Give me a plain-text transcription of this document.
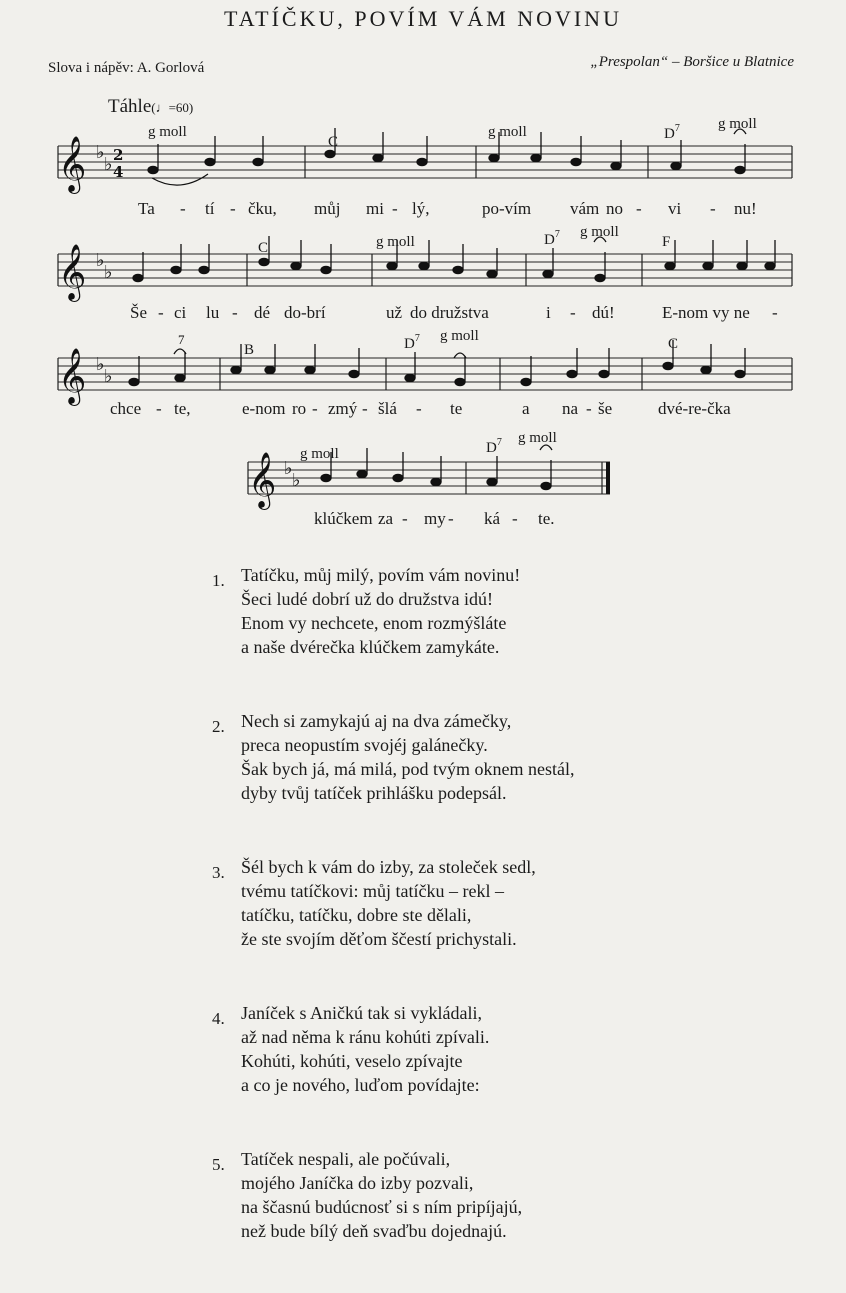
TATÍČKU, POVÍM VÁM NOVINU
Slova i nápěv: A. Gorlová	„Prespolan“ – Boršice u Blatnice
Táhle(♩=60)
𝄞 ♭
♭ 2
4
g moll
C
g moll	$D^7$	g moll
Ta - tí - čku, můj mi - lý,	po-vím vám no - vi - nu!
𝄞 ♭
♭
C	g moll	$D^7$ g moll
F
Še - ci lu - dé do-brí	už do družstva	i - dú!	E-nom vy ne -
𝄞 ♭
♭
7
B	$D^7$ g moll	C
chce - te,	e-nom ro - zmý - šlá - te	a na - še	dvé-re-čka
𝄞 ♭
♭
g moll	$D^7$ g moll
klúčkem za - my - ká - te.
1. Tatíčku, můj milý, povím vám novinu!
Šeci ludé dobrí už do družstva idú!
Enom vy nechcete, enom rozmýšláte
a naše dvérečka klúčkem zamykáte.
2. Nech si zamykajú aj na dva zámečky,
preca neopustím svojéj galánečky.
Šak bych já, má milá, pod tvým oknem nestál,
dyby tvůj tatíček prihlášku podepsál.
3. Šél bych k vám do izby, za stoleček sedl,
tvému tatíčkovi: můj tatíčku – rekl –
tatíčku, tatíčku, dobre ste dělali,
že ste svojím děťom ščestí prichystali.
4. Janíček s Aničkú tak si vykládali,
až nad něma k ránu kohúti zpívali.
Kohúti, kohúti, veselo zpívajte
a co je nového, luďom povídajte:
5. Tatíček nespali, ale počúvali,
mojého Janíčka do izby pozvali,
na ščasnú budúcnosť si s ním pripíjajú,
než bude bílý deň svaďbu dojednajú.
